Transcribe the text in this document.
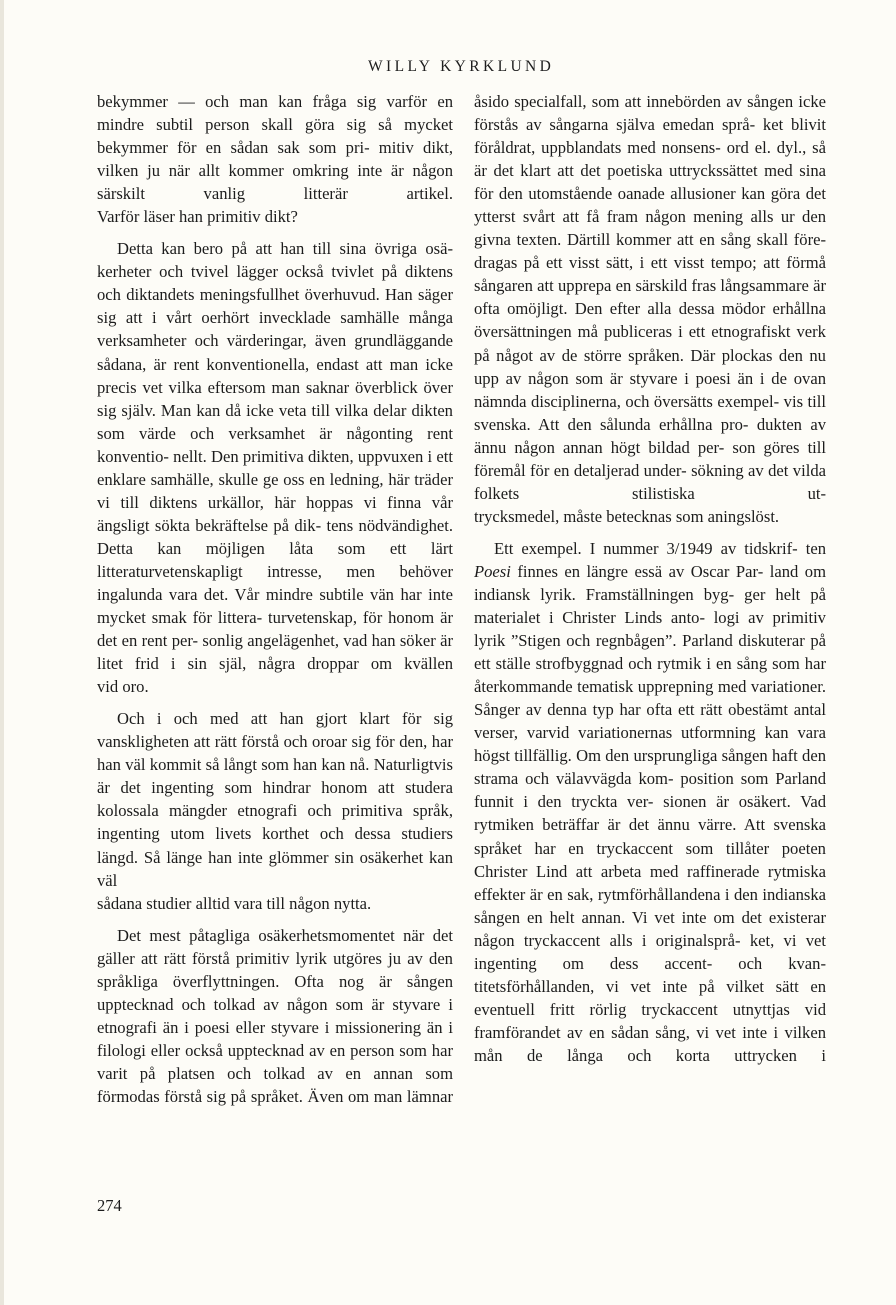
WILLY KYRKLUND

bekymmer — och man kan fråga sig varför en mindre subtil person skall göra sig så mycket bekymmer för en sådan sak som pri- mitiv dikt, vilken ju när allt kommer omkring inte är någon särskilt vanlig litterär artikel.

Varför läser han primitiv dikt?

Detta kan bero på att han till sina övriga osä- kerheter och tvivel lägger också tvivlet på diktens och diktandets meningsfullhet överhuvud. Han säger sig att i vårt oerhört invecklade samhälle många verksamheter och värderingar, även grundläggande sådana, är rent konventionella, endast att man icke precis vet vilka eftersom man saknar överblick över sig själv. Man kan då icke veta till vilka delar dikten som värde och verksamhet är någonting rent konventio- nellt. Den primitiva dikten, uppvuxen i ett enklare samhälle, skulle ge oss en ledning, här träder vi till diktens urkällor, här hoppas vi finna vår ängsligt sökta bekräftelse på dik- tens nödvändighet. Detta kan möjligen låta som ett lärt litteraturvetenskapligt intresse, men behöver ingalunda vara det. Vår mindre subtile vän har inte mycket smak för littera- turvetenskap, för honom är det en rent per- sonlig angelägenhet, vad han söker är litet frid i sin själ, några droppar om kvällen

vid oro.

Och i och med att han gjort klart för sig vanskligheten att rätt förstå och oroar sig för den, har han väl kommit så långt som han kan nå. Naturligtvis är det ingenting som hindrar honom att studera kolossala mängder etnografi och primitiva språk, ingenting utom livets korthet och dessa studiers längd. Så länge han inte glömmer sin osäkerhet kan väl

sådana studier alltid vara till någon nytta.

Det mest påtagliga osäkerhetsmomentet när det gäller att rätt förstå primitiv lyrik utgöres ju av den språkliga överflyttningen. Ofta nog är sången upptecknad och tolkad av någon som är styvare i etnografi än i poesi eller styvare i missionering än i filologi eller också upptecknad av en person som har varit på platsen och tolkad av en annan som förmodas förstå sig på språket. Även om man lämnar

åsido specialfall, som att innebörden av sången icke förstås av sångarna själva emedan språ- ket blivit föråldrat, uppblandats med nonsens- ord el. dyl., så är det klart att det poetiska uttryckssättet med sina för den utomstående oanade allusioner kan göra det ytterst svårt att få fram någon mening alls ur den givna texten. Därtill kommer att en sång skall före- dragas på ett visst sätt, i ett visst tempo; att förmå sångaren att upprepa en särskild fras långsammare är ofta omöjligt. Den efter alla dessa mödor erhållna översättningen må publiceras i ett etnografiskt verk på något av de större språken. Där plockas den nu upp av någon som är styvare i poesi än i de ovan nämnda disciplinerna, och översätts exempel- vis till svenska. Att den sålunda erhållna pro- dukten av ännu någon annan högt bildad per- son göres till föremål för en detaljerad under- sökning av det vilda folkets stilistiska ut-

trycksmedel, måste betecknas som aningslöst.

Ett exempel. I nummer 3/1949 av tidskrif- ten Poesi finnes en längre essä av Oscar Par- land om indiansk lyrik. Framställningen byg- ger helt på materialet i Christer Linds anto- logi av primitiv lyrik ”Stigen och regnbågen”. Parland diskuterar på ett ställe strofbyggnad och rytmik i en sång som har återkommande tematisk upprepning med variationer. Sånger av denna typ har ofta ett rätt obestämt antal verser, varvid variationernas utformning kan vara högst tillfällig. Om den ursprungliga sången haft den strama och välavvägda kom- position som Parland funnit i den tryckta ver- sionen är osäkert. Vad rytmiken beträffar är det ännu värre. Att svenska språket har en tryckaccent som tillåter poeten Christer Lind att arbeta med raffinerade rytmiska effekter är en sak, rytmförhållandena i den indianska sången en helt annan. Vi vet inte om det existerar någon tryckaccent alls i originalsprå- ket, vi vet ingenting om dess accent- och kvan- titetsförhållanden, vi vet inte på vilket sätt en eventuell fritt rörlig tryckaccent utnyttjas vid framförandet av en sådan sång, vi vet inte i vilken mån de långa och korta uttrycken i

274
